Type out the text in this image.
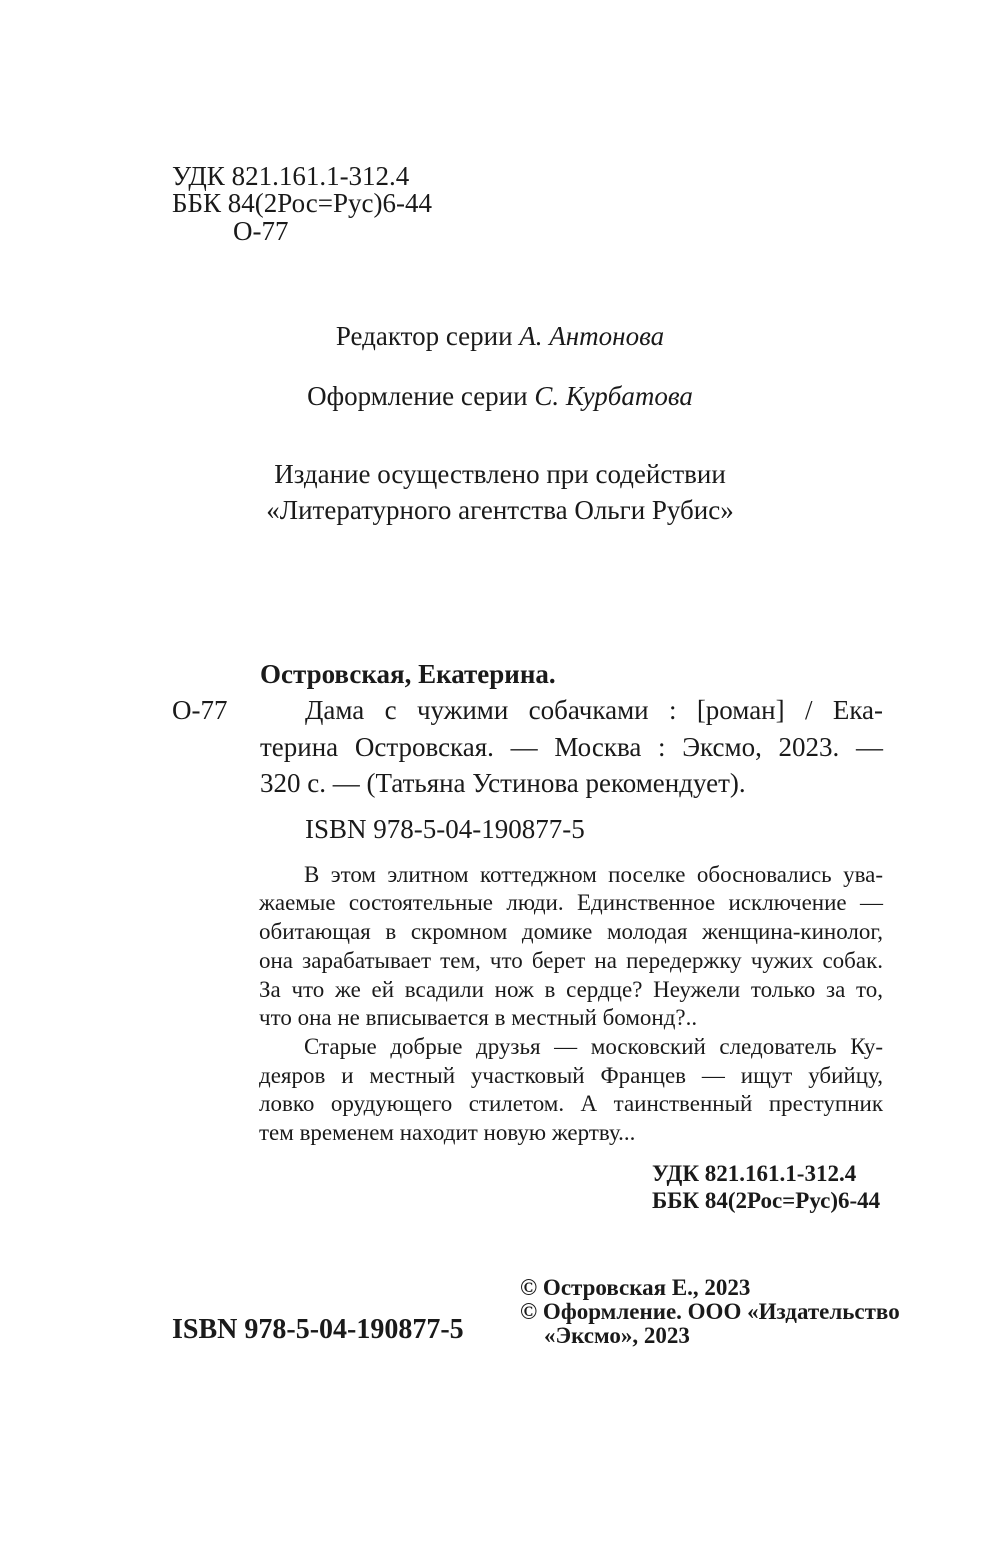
УДК 821.161.1-312.4
ББК 84(2Рос=Рус)6-44
О-77
Редактор серии А. Антонова
Оформление серии С. Курбатова
Издание осуществлено при содействии
«Литературного агентства Ольги Рубис»
Островская, Екатерина.
О-77	Дама с чужими собачками : [роман] / Ека-
терина Островская. — Москва : Эксмо, 2023. —
320 с. — (Татьяна Устинова рекомендует).
ISBN 978-5-04-190877-5
В этом элитном коттеджном поселке обосновались ува-
жаемые состоятельные люди. Единственное исключение —
обитающая в скромном домике молодая женщина-кинолог,
она зарабатывает тем, что берет на передержку чужих собак.
За что же ей всадили нож в сердце? Неужели только за то,
что она не вписывается в местный бомонд?..
Старые добрые друзья — московский следователь Ку-
деяров и местный участковый Францев — ищут убийцу,
ловко орудующего стилетом. А таинственный преступник
тем временем находит новую жертву...
УДК 821.161.1-312.4
ББК 84(2Рос=Рус)6-44
ISBN 978-5-04-190877-5
© Островская Е., 2023
© Оформление. ООО «Издательство
«Эксмо», 2023
